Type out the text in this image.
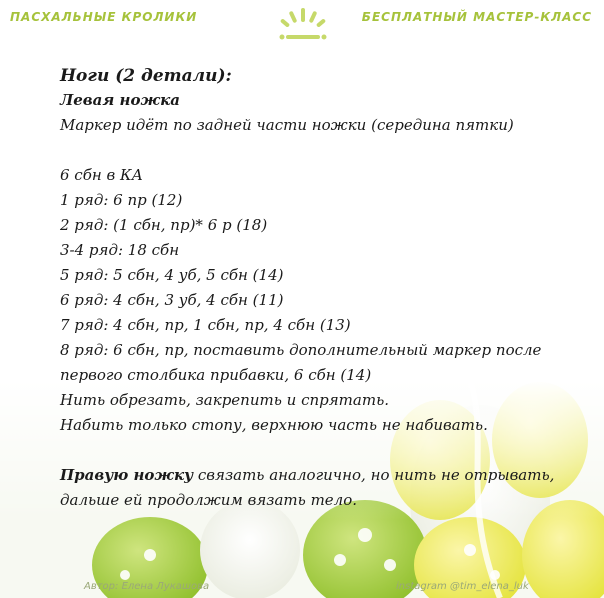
ПАСХАЛЬНЫЕ КРОЛИКИ	БЕСПЛАТНЫЙ МАСТЕР-КЛАСС

Ноги (2 детали):

Левая ножка

Маркер идёт по задней части ножки (середина пятки)

6 сбн в КА

1 ряд: 6 пр (12)

2 ряд: (1 сбн, пр)* 6 р (18)

3-4 ряд: 18 сбн

5 ряд: 5 сбн, 4 уб, 5 сбн (14)

6 ряд: 4 сбн, 3 уб, 4 сбн (11)

7 ряд: 4 сбн, пр, 1 сбн, пр, 4 сбн (13)

8 ряд: 6 сбн, пр, поставить дополнительный маркер после

первого столбика прибавки, 6 сбн (14)

Нить обрезать, закрепить и спрятать.

Набить только стопу, верхнюю часть не набивать.

Правую ножку связать аналогично, но нить не отрывать,

дальше ей продолжим вязать тело.

Автор: Елена Лукашова	instagram @tim_elena_luk
